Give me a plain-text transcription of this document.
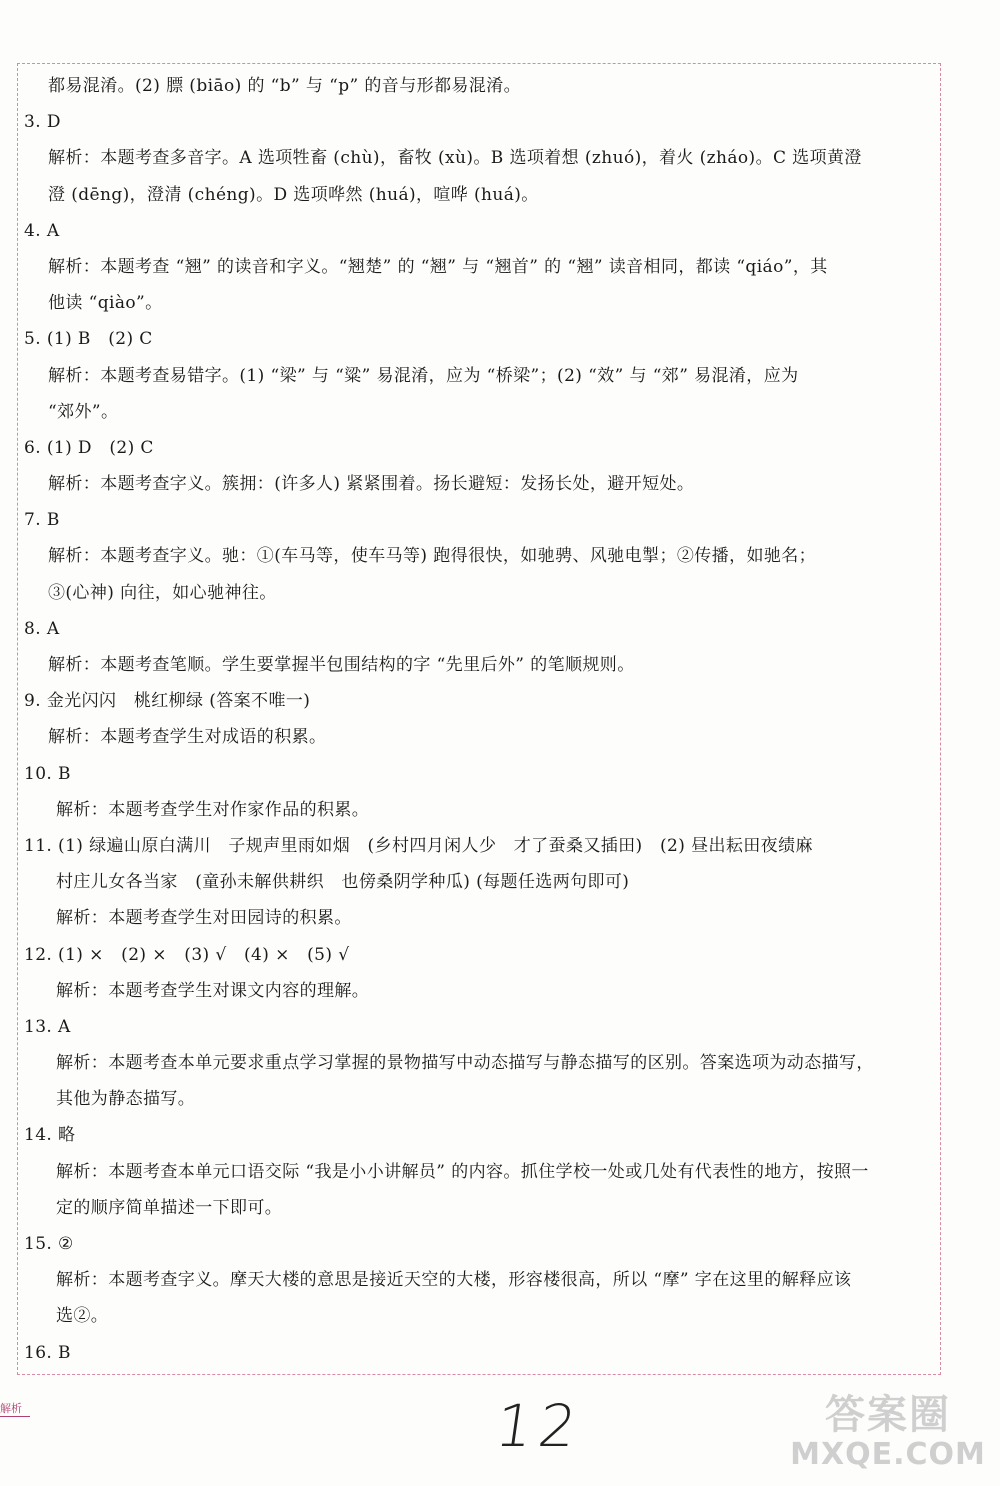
都易混淆。(2) 膘 (biāo) 的 “b” 与 “p” 的音与形都易混淆。
3. D
解析：本题考查多音字。A 选项牲畜 (chù)，畜牧 (xù)。B 选项着想 (zhuó)，着火 (zháo)。C 选项黄澄
澄 (dēng)，澄清 (chéng)。D 选项哗然 (huá)，喧哗 (huá)。
4. A
解析：本题考查 “翘” 的读音和字义。“翘楚” 的 “翘” 与 “翘首” 的 “翘” 读音相同，都读 “qiáo”，其
他读 “qiào”。
5. (1) B　(2) C
解析：本题考查易错字。(1) “梁” 与 “粱” 易混淆，应为 “桥梁”；(2) “效” 与 “郊” 易混淆，应为
“郊外”。
6. (1) D　(2) C
解析：本题考查字义。簇拥：(许多人) 紧紧围着。扬长避短：发扬长处，避开短处。
7. B
解析：本题考查字义。驰：①(车马等，使车马等) 跑得很快，如驰骋、风驰电掣；②传播，如驰名；
③(心神) 向往，如心驰神往。
8. A
解析：本题考查笔顺。学生要掌握半包围结构的字 “先里后外” 的笔顺规则。
9. 金光闪闪　桃红柳绿 (答案不唯一)
解析：本题考查学生对成语的积累。
10. B
解析：本题考查学生对作家作品的积累。
11. (1) 绿遍山原白满川　子规声里雨如烟　(乡村四月闲人少　才了蚕桑又插田)　(2) 昼出耘田夜绩麻
村庄儿女各当家　(童孙未解供耕织　也傍桑阴学种瓜) (每题任选两句即可)
解析：本题考查学生对田园诗的积累。
12. (1) ×　(2) ×　(3) √　(4) ×　(5) √
解析：本题考查学生对课文内容的理解。
13. A
解析：本题考查本单元要求重点学习掌握的景物描写中动态描写与静态描写的区别。答案选项为动态描写，
其他为静态描写。
14. 略
解析：本题考查本单元口语交际 “我是小小讲解员” 的内容。抓住学校一处或几处有代表性的地方，按照一
定的顺序简单描述一下即可。
15. ②
解析：本题考查字义。摩天大楼的意思是接近天空的大楼，形容楼很高，所以 “摩” 字在这里的解释应该
选②。
16. B
解析	12	答案圈
MXQE.COM
